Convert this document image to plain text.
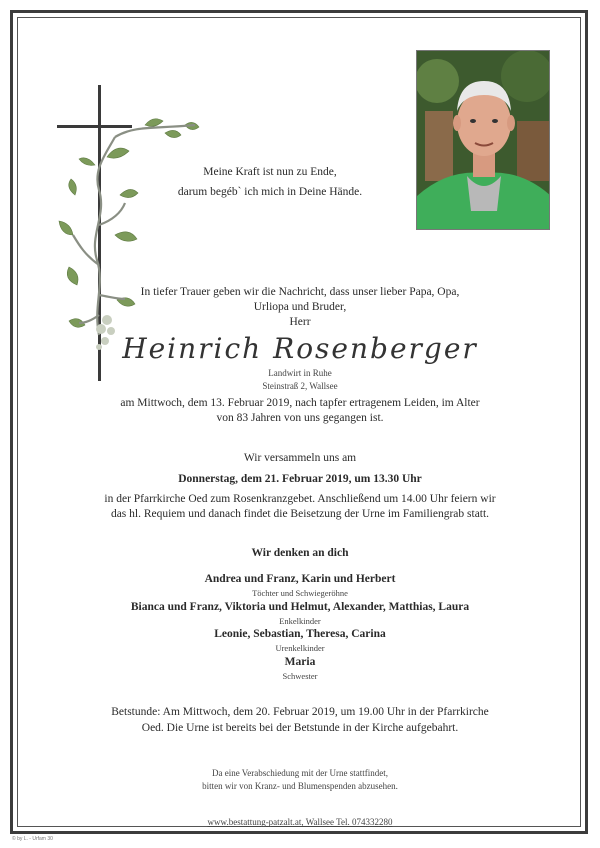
Meine Kraft ist nun zu Ende,
darum begéb` ich mich in Deine Hände.
In tiefer Trauer geben wir die Nachricht, dass unser lieber Papa, Opa,
Urliopa und Bruder,
Herr
Heinrich Rosenberger
Landwirt in Ruhe
Steinstraß 2, Wallsee
am Mittwoch, dem 13. Februar 2019, nach tapfer ertragenem Leiden, im Alter
von 83 Jahren von uns gegangen ist.
Wir versammeln uns am
Donnerstag, dem 21. Februar 2019, um 13.30 Uhr
in der Pfarrkirche Oed zum Rosenkranzgebet. Anschließend um 14.00 Uhr feiern wir
das hl. Requiem und danach findet die Beisetzung der Urne im Familiengrab statt.
Wir denken an dich
Andrea und Franz, Karin und Herbert
Töchter und Schwiegeröhne
Bianca und Franz, Viktoria und Helmut, Alexander, Matthias, Laura
Enkelkinder
Leonie, Sebastian, Theresa, Carina
Urenkelkinder
Maria
Schwester
Betstunde: Am Mittwoch, dem 20. Februar 2019, um 19.00 Uhr in der Pfarrkirche
Oed. Die Urne ist bereits bei der Betstunde in der Kirche aufgebahrt.
Da eine Verabschiedung mit der Urne stattfindet,
bitten wir von Kranz- und Blumenspenden abzusehen.
www.bestattung-patzalt.at, Wallsee Tel. 074332280
© by L. - Urfam 30
